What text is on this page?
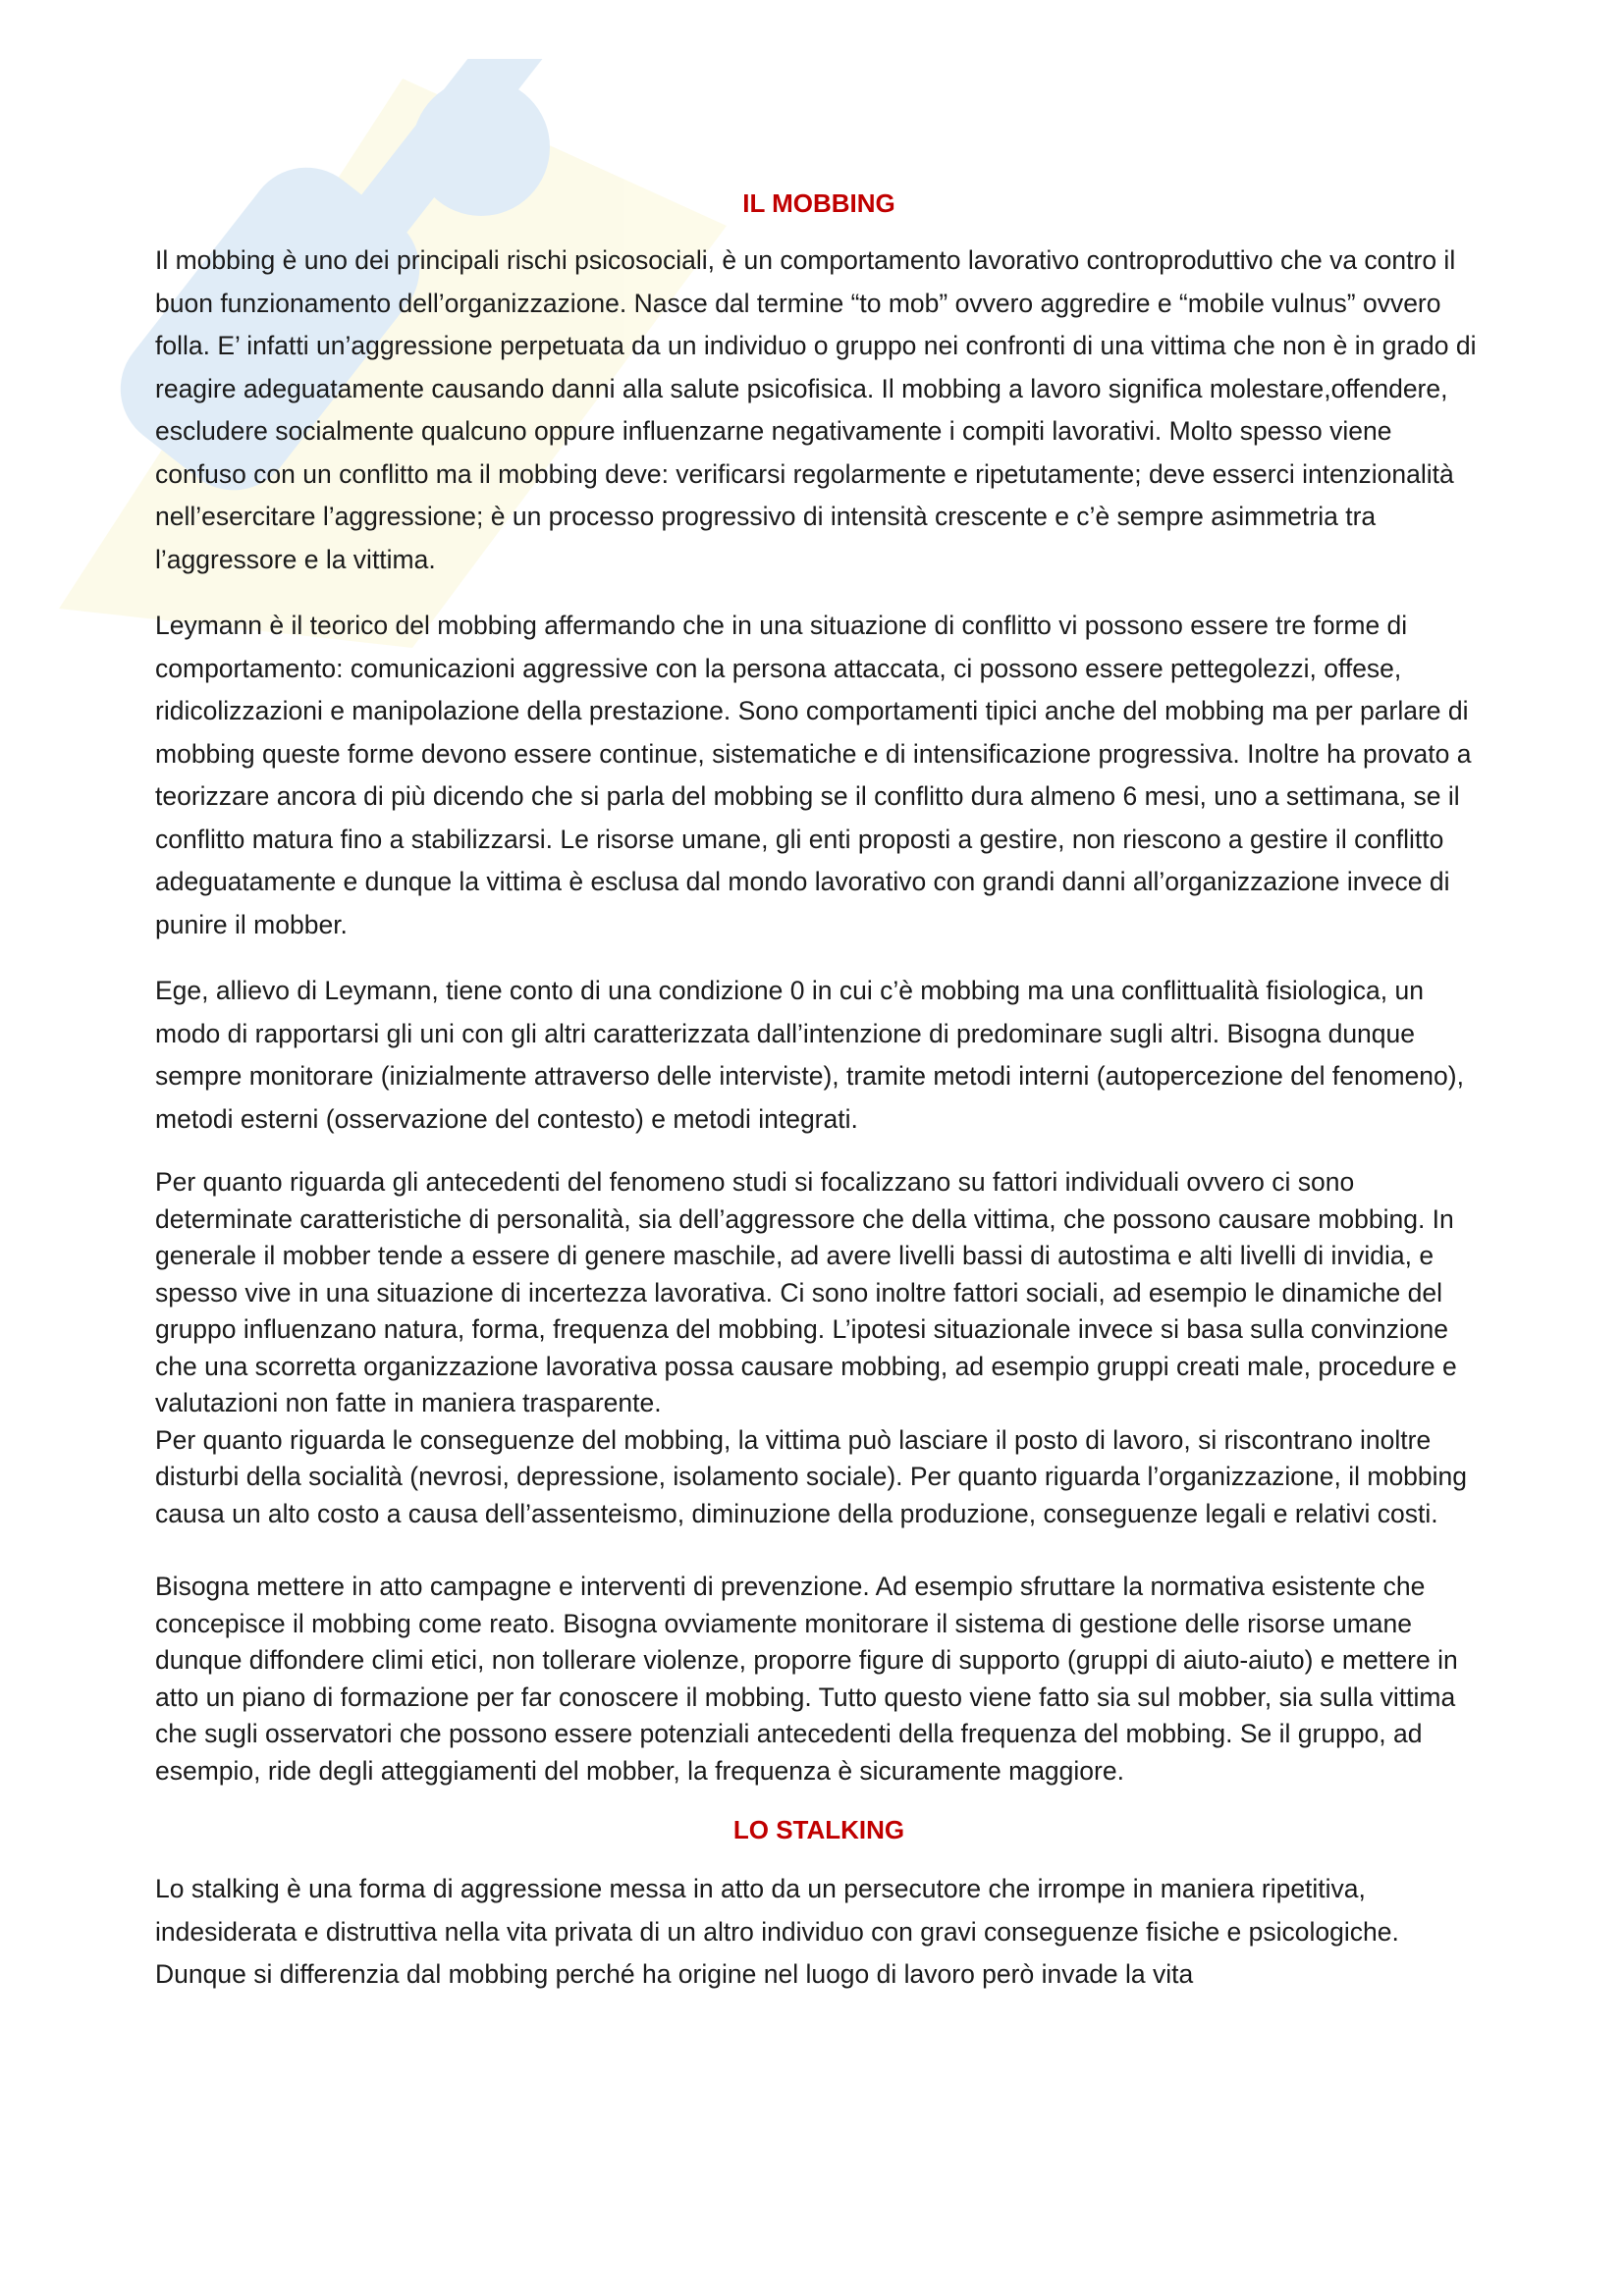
IL MOBBING

Il mobbing è uno dei principali rischi psicosociali, è un comportamento lavorativo controproduttivo che va contro il buon funzionamento dell’organizzazione. Nasce dal termine “to mob” ovvero aggredire e “mobile vulnus” ovvero folla. E’ infatti un’aggressione perpetuata da un individuo o gruppo nei confronti di una vittima che non è in grado di reagire adeguatamente causando danni alla salute psicofisica. Il mobbing a lavoro significa molestare,offendere, escludere socialmente qualcuno oppure influenzarne negativamente i compiti lavorativi. Molto spesso viene confuso con un conflitto ma il mobbing deve: verificarsi regolarmente e ripetutamente; deve esserci intenzionalità nell’esercitare l’aggressione; è un processo progressivo di intensità crescente e c’è sempre asimmetria tra l’aggressore e la vittima.

Leymann è il teorico del mobbing affermando che in una situazione di conflitto vi possono essere tre forme di comportamento: comunicazioni aggressive con la persona attaccata, ci possono essere pettegolezzi, offese, ridicolizzazioni e manipolazione della prestazione. Sono comportamenti tipici anche del mobbing ma per parlare di mobbing queste forme devono essere continue, sistematiche e di intensificazione progressiva. Inoltre ha provato a teorizzare ancora di più dicendo che si parla del mobbing se il conflitto dura almeno 6 mesi, uno a settimana, se il conflitto matura fino a stabilizzarsi. Le risorse umane, gli enti proposti a gestire, non riescono a gestire il conflitto adeguatamente e dunque la vittima è esclusa dal mondo lavorativo con grandi danni all’organizzazione invece di punire il mobber.

Ege, allievo di Leymann, tiene conto di una condizione 0 in cui c’è mobbing ma una conflittualità fisiologica, un modo di rapportarsi gli uni con gli altri caratterizzata dall’intenzione di predominare sugli altri. Bisogna dunque sempre monitorare (inizialmente attraverso delle interviste), tramite metodi interni (autopercezione del fenomeno), metodi esterni (osservazione del contesto) e metodi integrati.

Per quanto riguarda gli antecedenti del fenomeno studi si focalizzano su fattori individuali ovvero ci sono determinate caratteristiche di personalità, sia dell’aggressore che della vittima, che possono causare mobbing. In generale il mobber tende a essere di genere maschile, ad avere livelli bassi di autostima e alti livelli di invidia, e spesso vive in una situazione di incertezza lavorativa. Ci sono inoltre fattori sociali, ad esempio le dinamiche del gruppo influenzano natura, forma, frequenza del mobbing. L’ipotesi situazionale invece si basa sulla convinzione che una scorretta organizzazione lavorativa possa causare mobbing, ad esempio gruppi creati male, procedure e valutazioni non fatte in maniera trasparente.

Per quanto riguarda le conseguenze del mobbing, la vittima può lasciare il posto di lavoro, si riscontrano inoltre disturbi della socialità (nevrosi, depressione, isolamento sociale). Per quanto riguarda l’organizzazione, il mobbing causa un alto costo a causa dell’assenteismo, diminuzione della produzione, conseguenze legali e relativi costi.

Bisogna mettere in atto campagne e interventi di prevenzione. Ad esempio sfruttare la normativa esistente che concepisce il mobbing come reato. Bisogna ovviamente monitorare il sistema di gestione delle risorse umane dunque diffondere climi etici, non tollerare violenze, proporre figure di supporto (gruppi di aiuto-aiuto) e mettere in atto un piano di formazione per far conoscere il mobbing. Tutto questo viene fatto sia sul mobber, sia sulla vittima che sugli osservatori che possono essere potenziali antecedenti della frequenza del mobbing. Se il gruppo, ad esempio, ride degli atteggiamenti del mobber, la frequenza è sicuramente maggiore.

LO STALKING

Lo stalking è una forma di aggressione messa in atto da un persecutore che irrompe in maniera ripetitiva, indesiderata e distruttiva nella vita privata di un altro individuo con gravi conseguenze fisiche e psicologiche. Dunque si differenzia dal mobbing perché ha origine nel luogo di lavoro però invade la vita
